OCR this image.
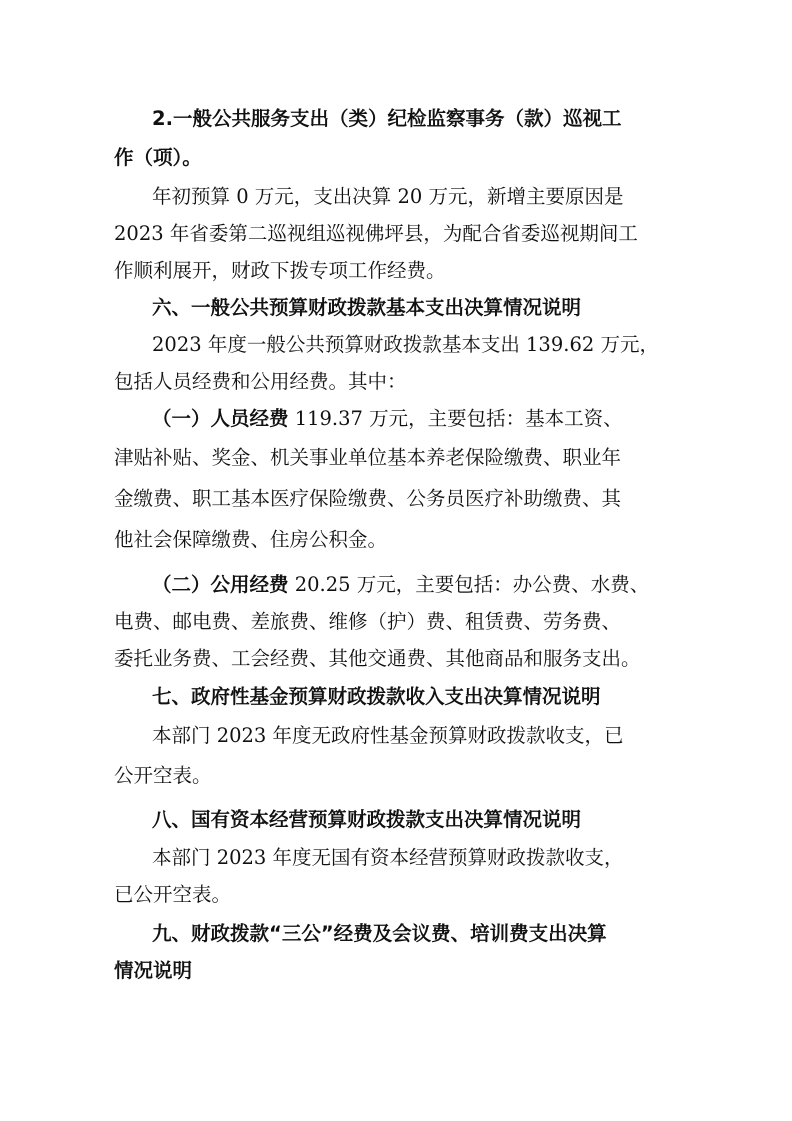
2.一般公共服务支出（类）纪检监察事务（款）巡视工
作（项）。
年初预算 0 万元，支出决算 20 万元，新增主要原因是
2023 年省委第二巡视组巡视佛坪县，为配合省委巡视期间工
作顺利展开，财政下拨专项工作经费。
六、一般公共预算财政拨款基本支出决算情况说明
2023 年度一般公共预算财政拨款基本支出 139.62 万元，
包括人员经费和公用经费。其中：
（一）人员经费 119.37 万元，主要包括：基本工资、
津贴补贴、奖金、机关事业单位基本养老保险缴费、职业年
金缴费、职工基本医疗保险缴费、公务员医疗补助缴费、其
他社会保障缴费、住房公积金。
（二）公用经费 20.25 万元，主要包括：办公费、水费、
电费、邮电费、差旅费、维修（护）费、租赁费、劳务费、
委托业务费、工会经费、其他交通费、其他商品和服务支出。
七、政府性基金预算财政拨款收入支出决算情况说明
本部门 2023 年度无政府性基金预算财政拨款收支，已
公开空表。
八、国有资本经营预算财政拨款支出决算情况说明
本部门 2023 年度无国有资本经营预算财政拨款收支，
已公开空表。
九、财政拨款“三公”经费及会议费、培训费支出决算
情况说明
